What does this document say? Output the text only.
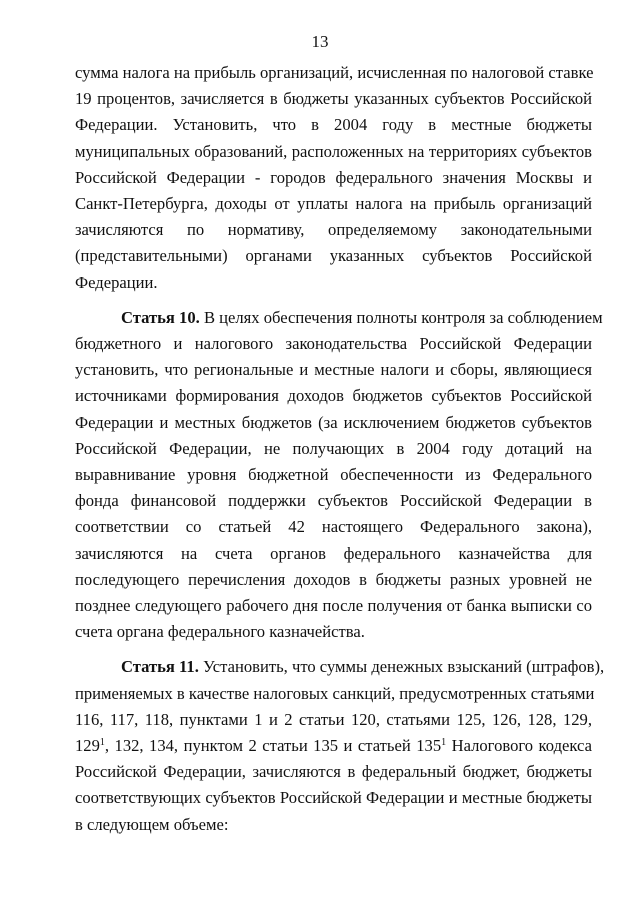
13

сумма налога на прибыль организаций, исчисленная по налоговой ставке
19 процентов, зачисляется в бюджеты указанных субъектов Российской
Федерации. Установить, что в 2004 году в местные бюджеты
муниципальных образований, расположенных на территориях субъектов
Российской Федерации - городов федерального значения Москвы и
Санкт-Петербурга, доходы от уплаты налога на прибыль организаций
зачисляются по нормативу, определяемому законодательными
(представительными) органами указанных субъектов Российской
Федерации.

Статья 10. В целях обеспечения полноты контроля за соблюдением
бюджетного и налогового законодательства Российской Федерации
установить, что региональные и местные налоги и сборы, являющиеся
источниками формирования доходов бюджетов субъектов Российской
Федерации и местных бюджетов (за исключением бюджетов субъектов
Российской Федерации, не получающих в 2004 году дотаций на
выравнивание уровня бюджетной обеспеченности из Федерального
фонда финансовой поддержки субъектов Российской Федерации в
соответствии со статьей 42 настоящего Федерального закона),
зачисляются на счета органов федерального казначейства для
последующего перечисления доходов в бюджеты разных уровней не
позднее следующего рабочего дня после получения от банка выписки со
счета органа федерального казначейства.

Статья 11. Установить, что суммы денежных взысканий (штрафов),
применяемых в качестве налоговых санкций, предусмотренных статьями
116, 117, 118, пунктами 1 и 2 статьи 120, статьями 125, 126, 128, 129,
$129^1$, 132, 134, пунктом 2 статьи 135 и статьей $135^1$ Налогового кодекса
Российской Федерации, зачисляются в федеральный бюджет, бюджеты
соответствующих субъектов Российской Федерации и местные бюджеты
в следующем объеме:
